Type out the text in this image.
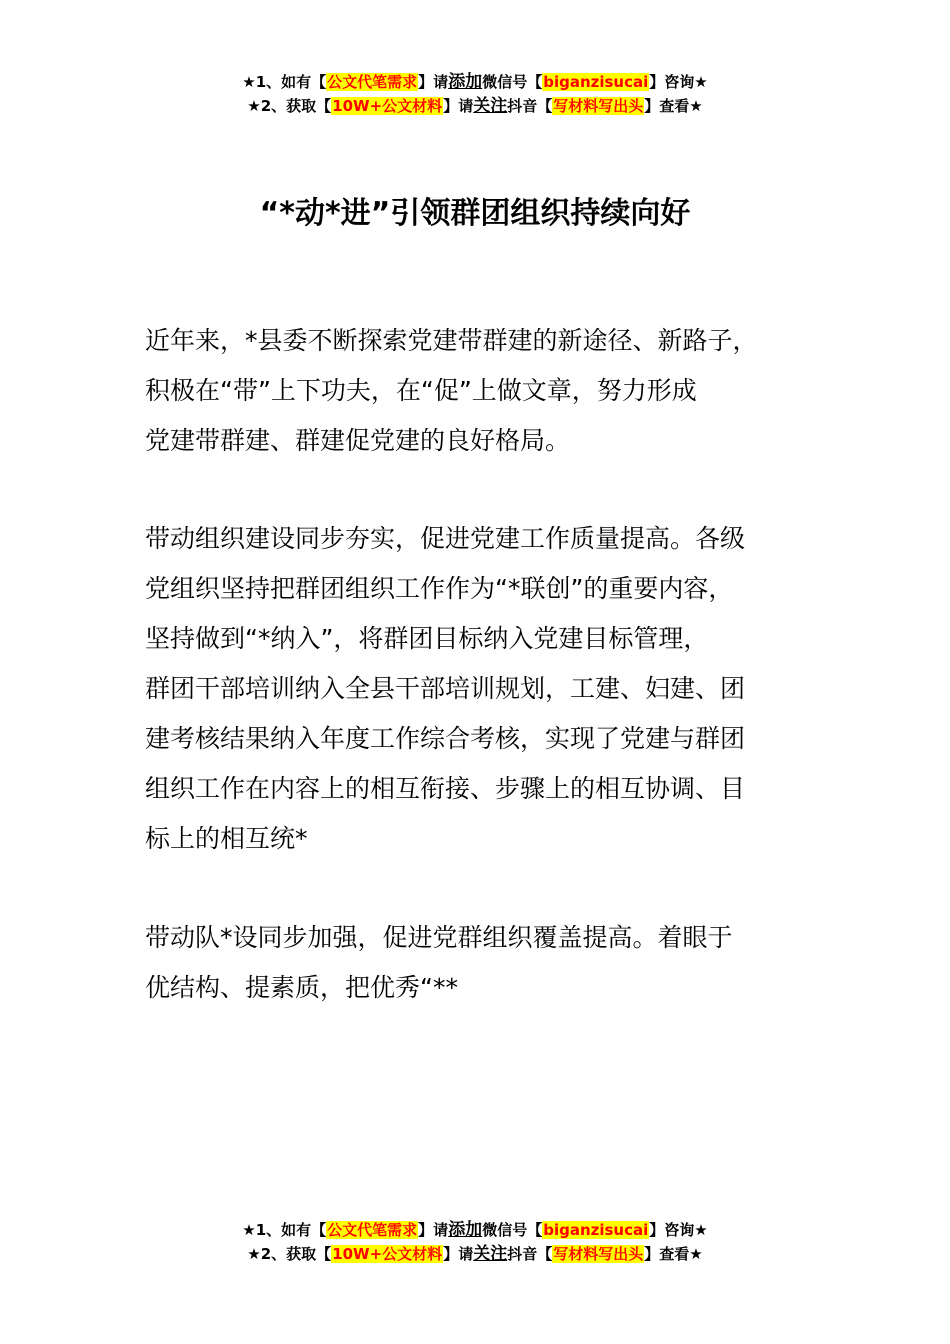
★1、如有【公文代笔需求】请添加微信号【biganzisucai】咨询★
★2、获取【10W+公文材料】请关注抖音【写材料写出头】查看★
“*动*进”引领群团组织持续向好

近年来，*县委不断探索党建带群建的新途径、新路子，
积极在“带”上下功夫，在“促”上做文章，努力形成
党建带群建、群建促党建的良好格局。

带动组织建设同步夯实，促进党建工作质量提高。各级
党组织坚持把群团组织工作作为“*联创”的重要内容，
坚持做到“*纳入”，将群团目标纳入党建目标管理，
群团干部培训纳入全县干部培训规划，工建、妇建、团
建考核结果纳入年度工作综合考核，实现了党建与群团
组织工作在内容上的相互衔接、步骤上的相互协调、目
标上的相互统*

带动队*设同步加强，促进党群组织覆盖提高。着眼于
优结构、提素质，把优秀“**

★1、如有【公文代笔需求】请添加微信号【biganzisucai】咨询★
★2、获取【10W+公文材料】请关注抖音【写材料写出头】查看★
